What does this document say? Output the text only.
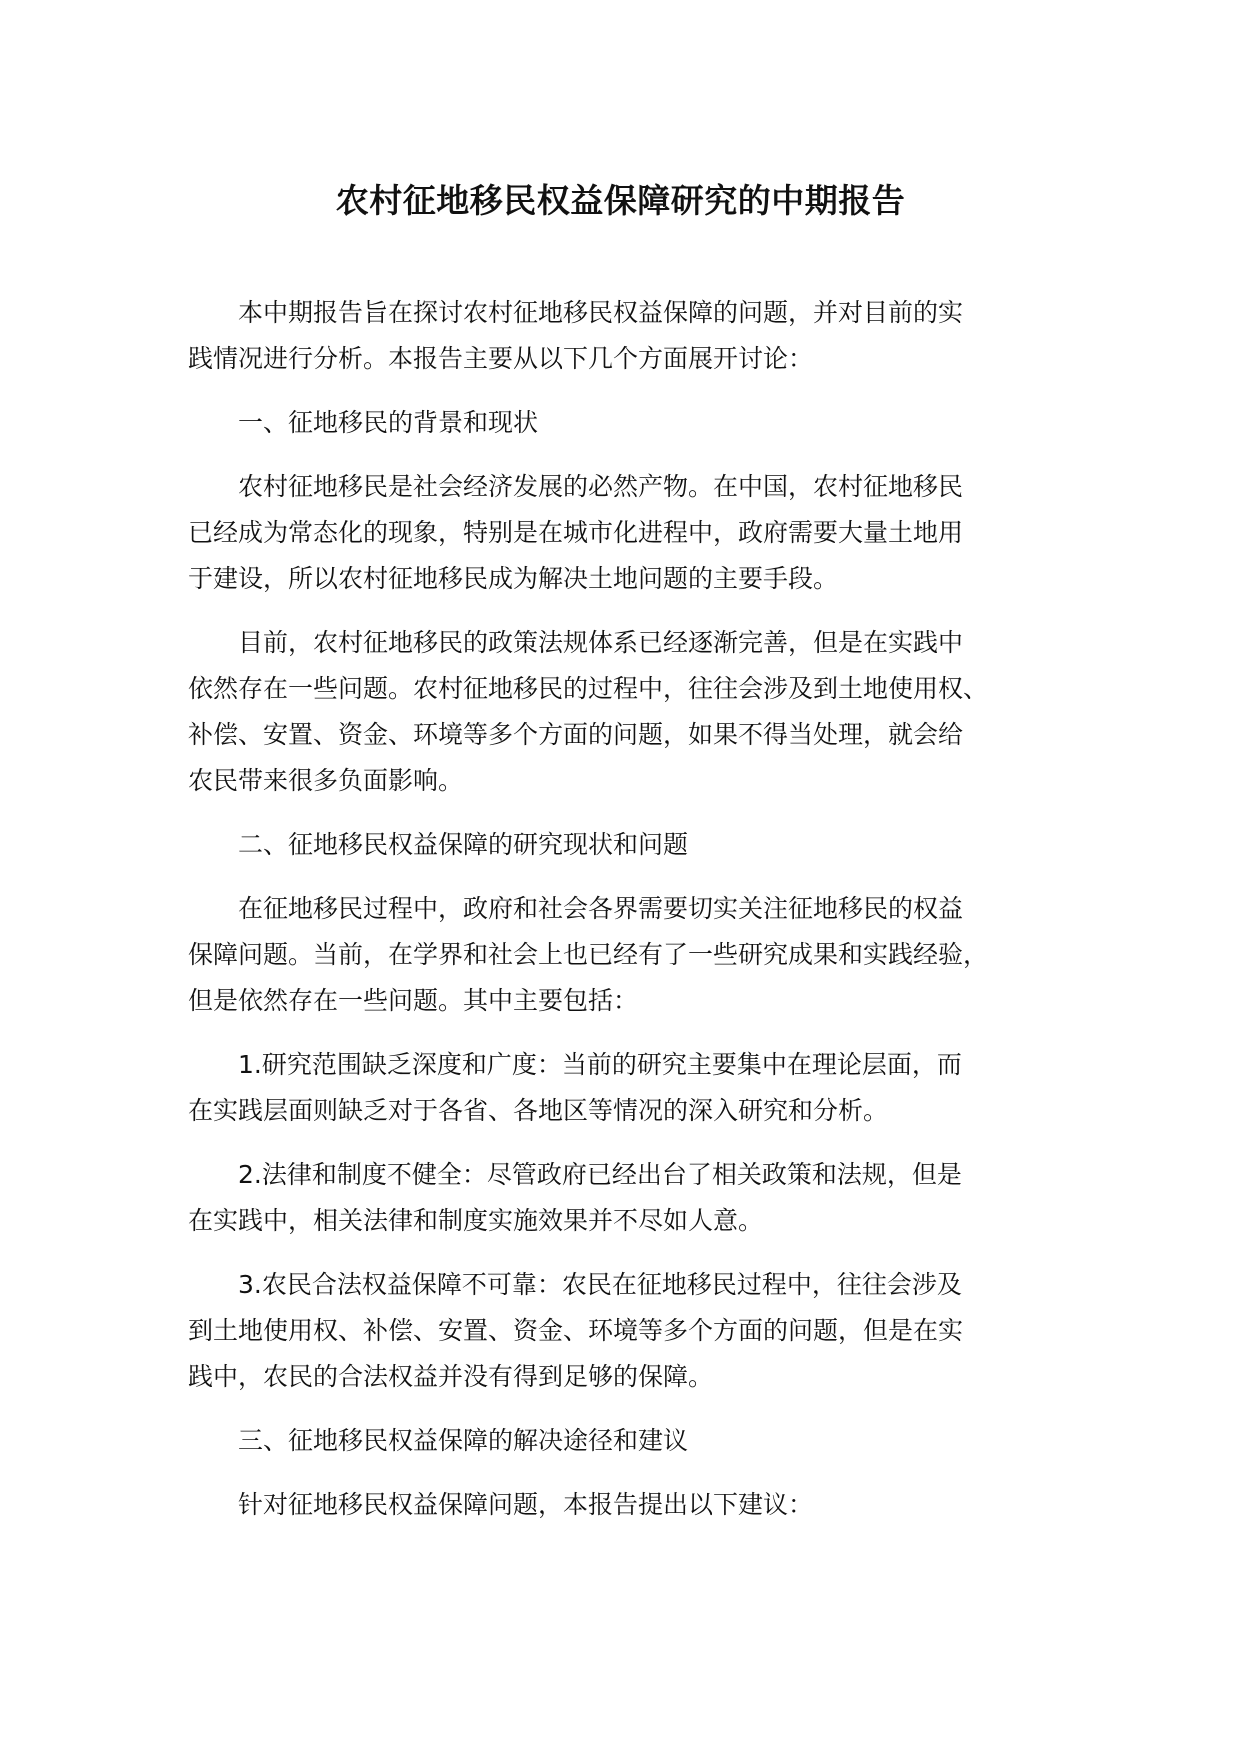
农村征地移民权益保障研究的中期报告

本中期报告旨在探讨农村征地移民权益保障的问题，并对目前的实
践情况进行分析。本报告主要从以下几个方面展开讨论：

一、征地移民的背景和现状

农村征地移民是社会经济发展的必然产物。在中国，农村征地移民
已经成为常态化的现象，特别是在城市化进程中，政府需要大量土地用
于建设，所以农村征地移民成为解决土地问题的主要手段。

目前，农村征地移民的政策法规体系已经逐渐完善，但是在实践中
依然存在一些问题。农村征地移民的过程中，往往会涉及到土地使用权、
补偿、安置、资金、环境等多个方面的问题，如果不得当处理，就会给
农民带来很多负面影响。

二、征地移民权益保障的研究现状和问题

在征地移民过程中，政府和社会各界需要切实关注征地移民的权益
保障问题。当前，在学界和社会上也已经有了一些研究成果和实践经验，
但是依然存在一些问题。其中主要包括：

1.研究范围缺乏深度和广度：当前的研究主要集中在理论层面，而
在实践层面则缺乏对于各省、各地区等情况的深入研究和分析。

2.法律和制度不健全：尽管政府已经出台了相关政策和法规，但是
在实践中，相关法律和制度实施效果并不尽如人意。

3.农民合法权益保障不可靠：农民在征地移民过程中，往往会涉及
到土地使用权、补偿、安置、资金、环境等多个方面的问题，但是在实
践中，农民的合法权益并没有得到足够的保障。

三、征地移民权益保障的解决途径和建议

针对征地移民权益保障问题，本报告提出以下建议：
